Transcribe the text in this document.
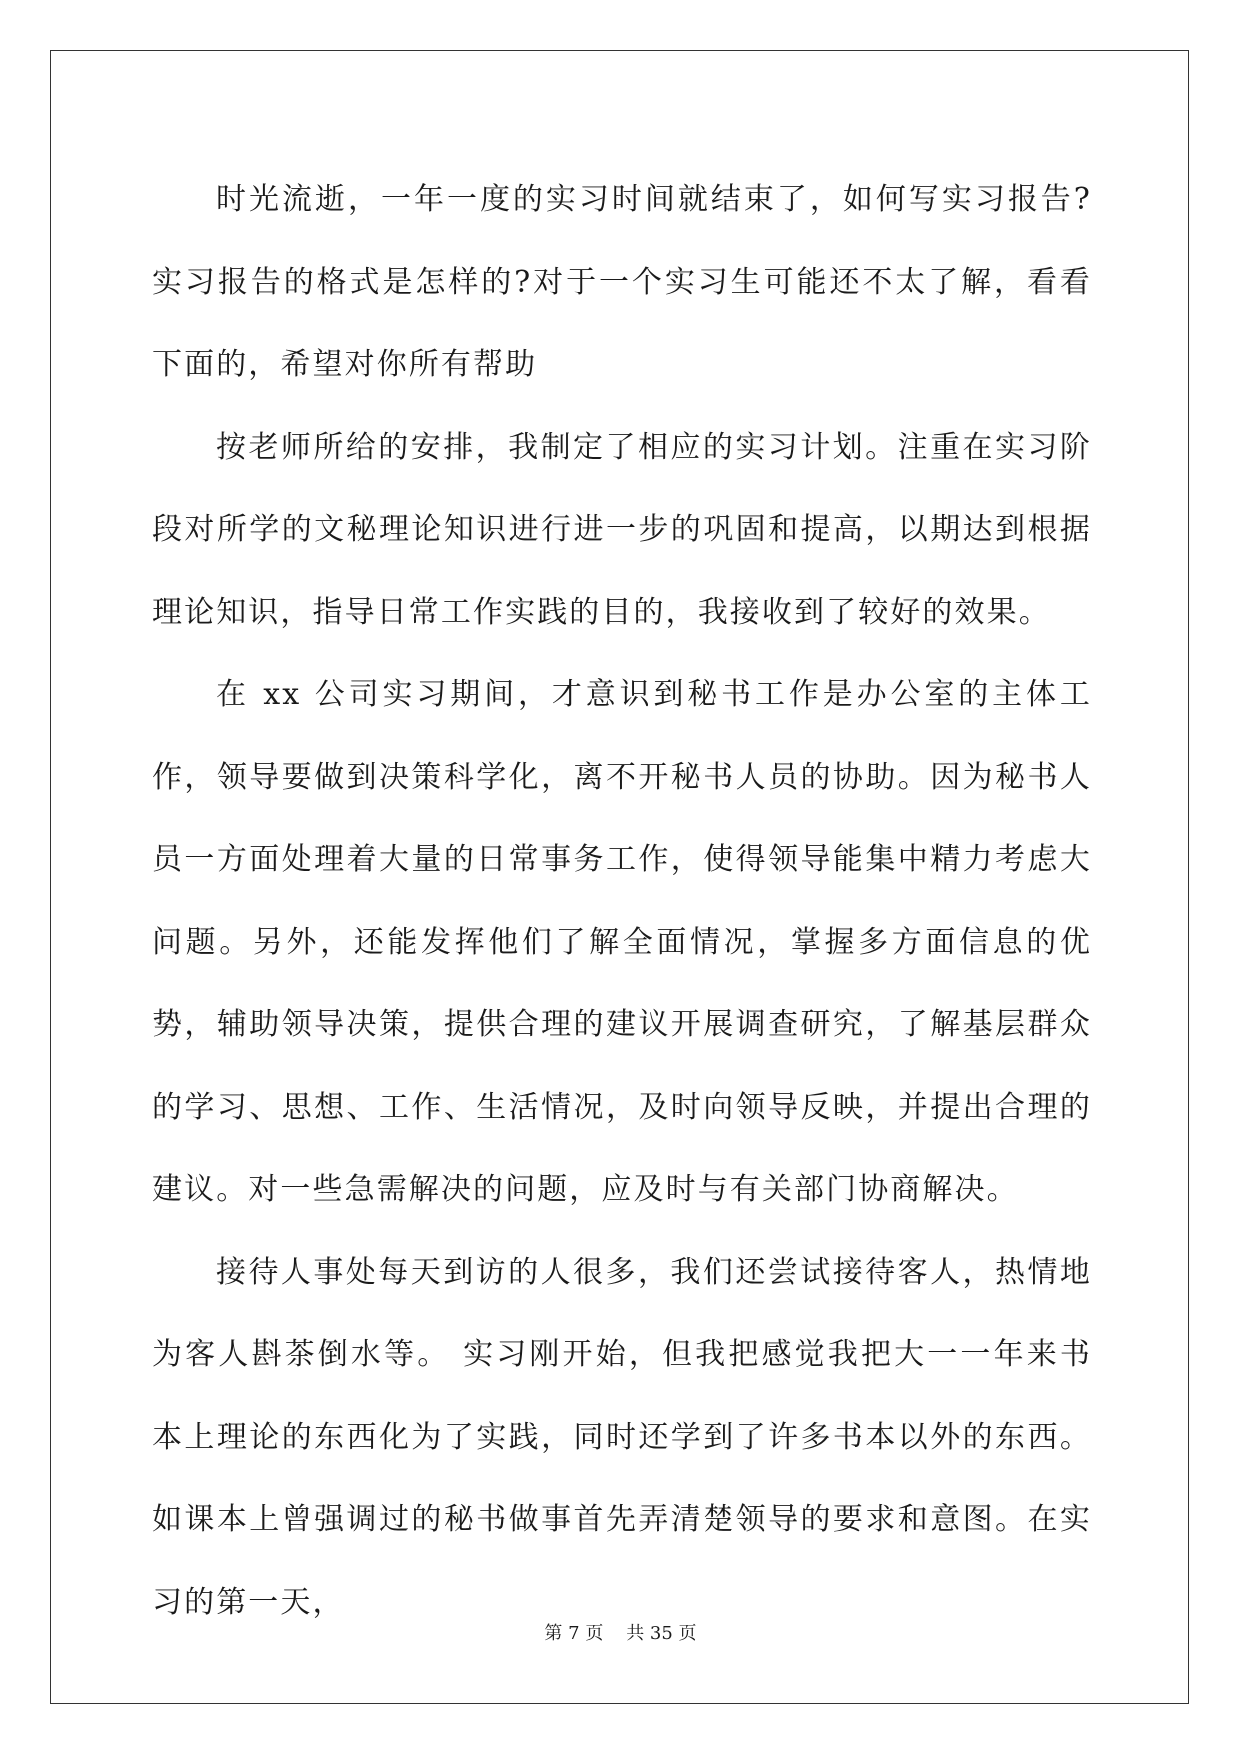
时光流逝，一年一度的实习时间就结束了，如何写实习报告?实习报告的格式是怎样的?对于一个实习生可能还不太了解，看看下面的，希望对你所有帮助

按老师所给的安排，我制定了相应的实习计划。注重在实习阶段对所学的文秘理论知识进行进一步的巩固和提高，以期达到根据理论知识，指导日常工作实践的目的，我接收到了较好的效果。

在 xx 公司实习期间，才意识到秘书工作是办公室的主体工作，领导要做到决策科学化，离不开秘书人员的协助。因为秘书人员一方面处理着大量的日常事务工作，使得领导能集中精力考虑大问题。另外，还能发挥他们了解全面情况，掌握多方面信息的优势，辅助领导决策，提供合理的建议开展调查研究，了解基层群众的学习、思想、工作、生活情况，及时向领导反映，并提出合理的建议。对一些急需解决的问题，应及时与有关部门协商解决。

接待人事处每天到访的人很多，我们还尝试接待客人，热情地为客人斟茶倒水等。 实习刚开始，但我把感觉我把大一一年来书本上理论的东西化为了实践，同时还学到了许多书本以外的东西。如课本上曾强调过的秘书做事首先弄清楚领导的要求和意图。在实习的第一天，

第 7 页    共 35 页
